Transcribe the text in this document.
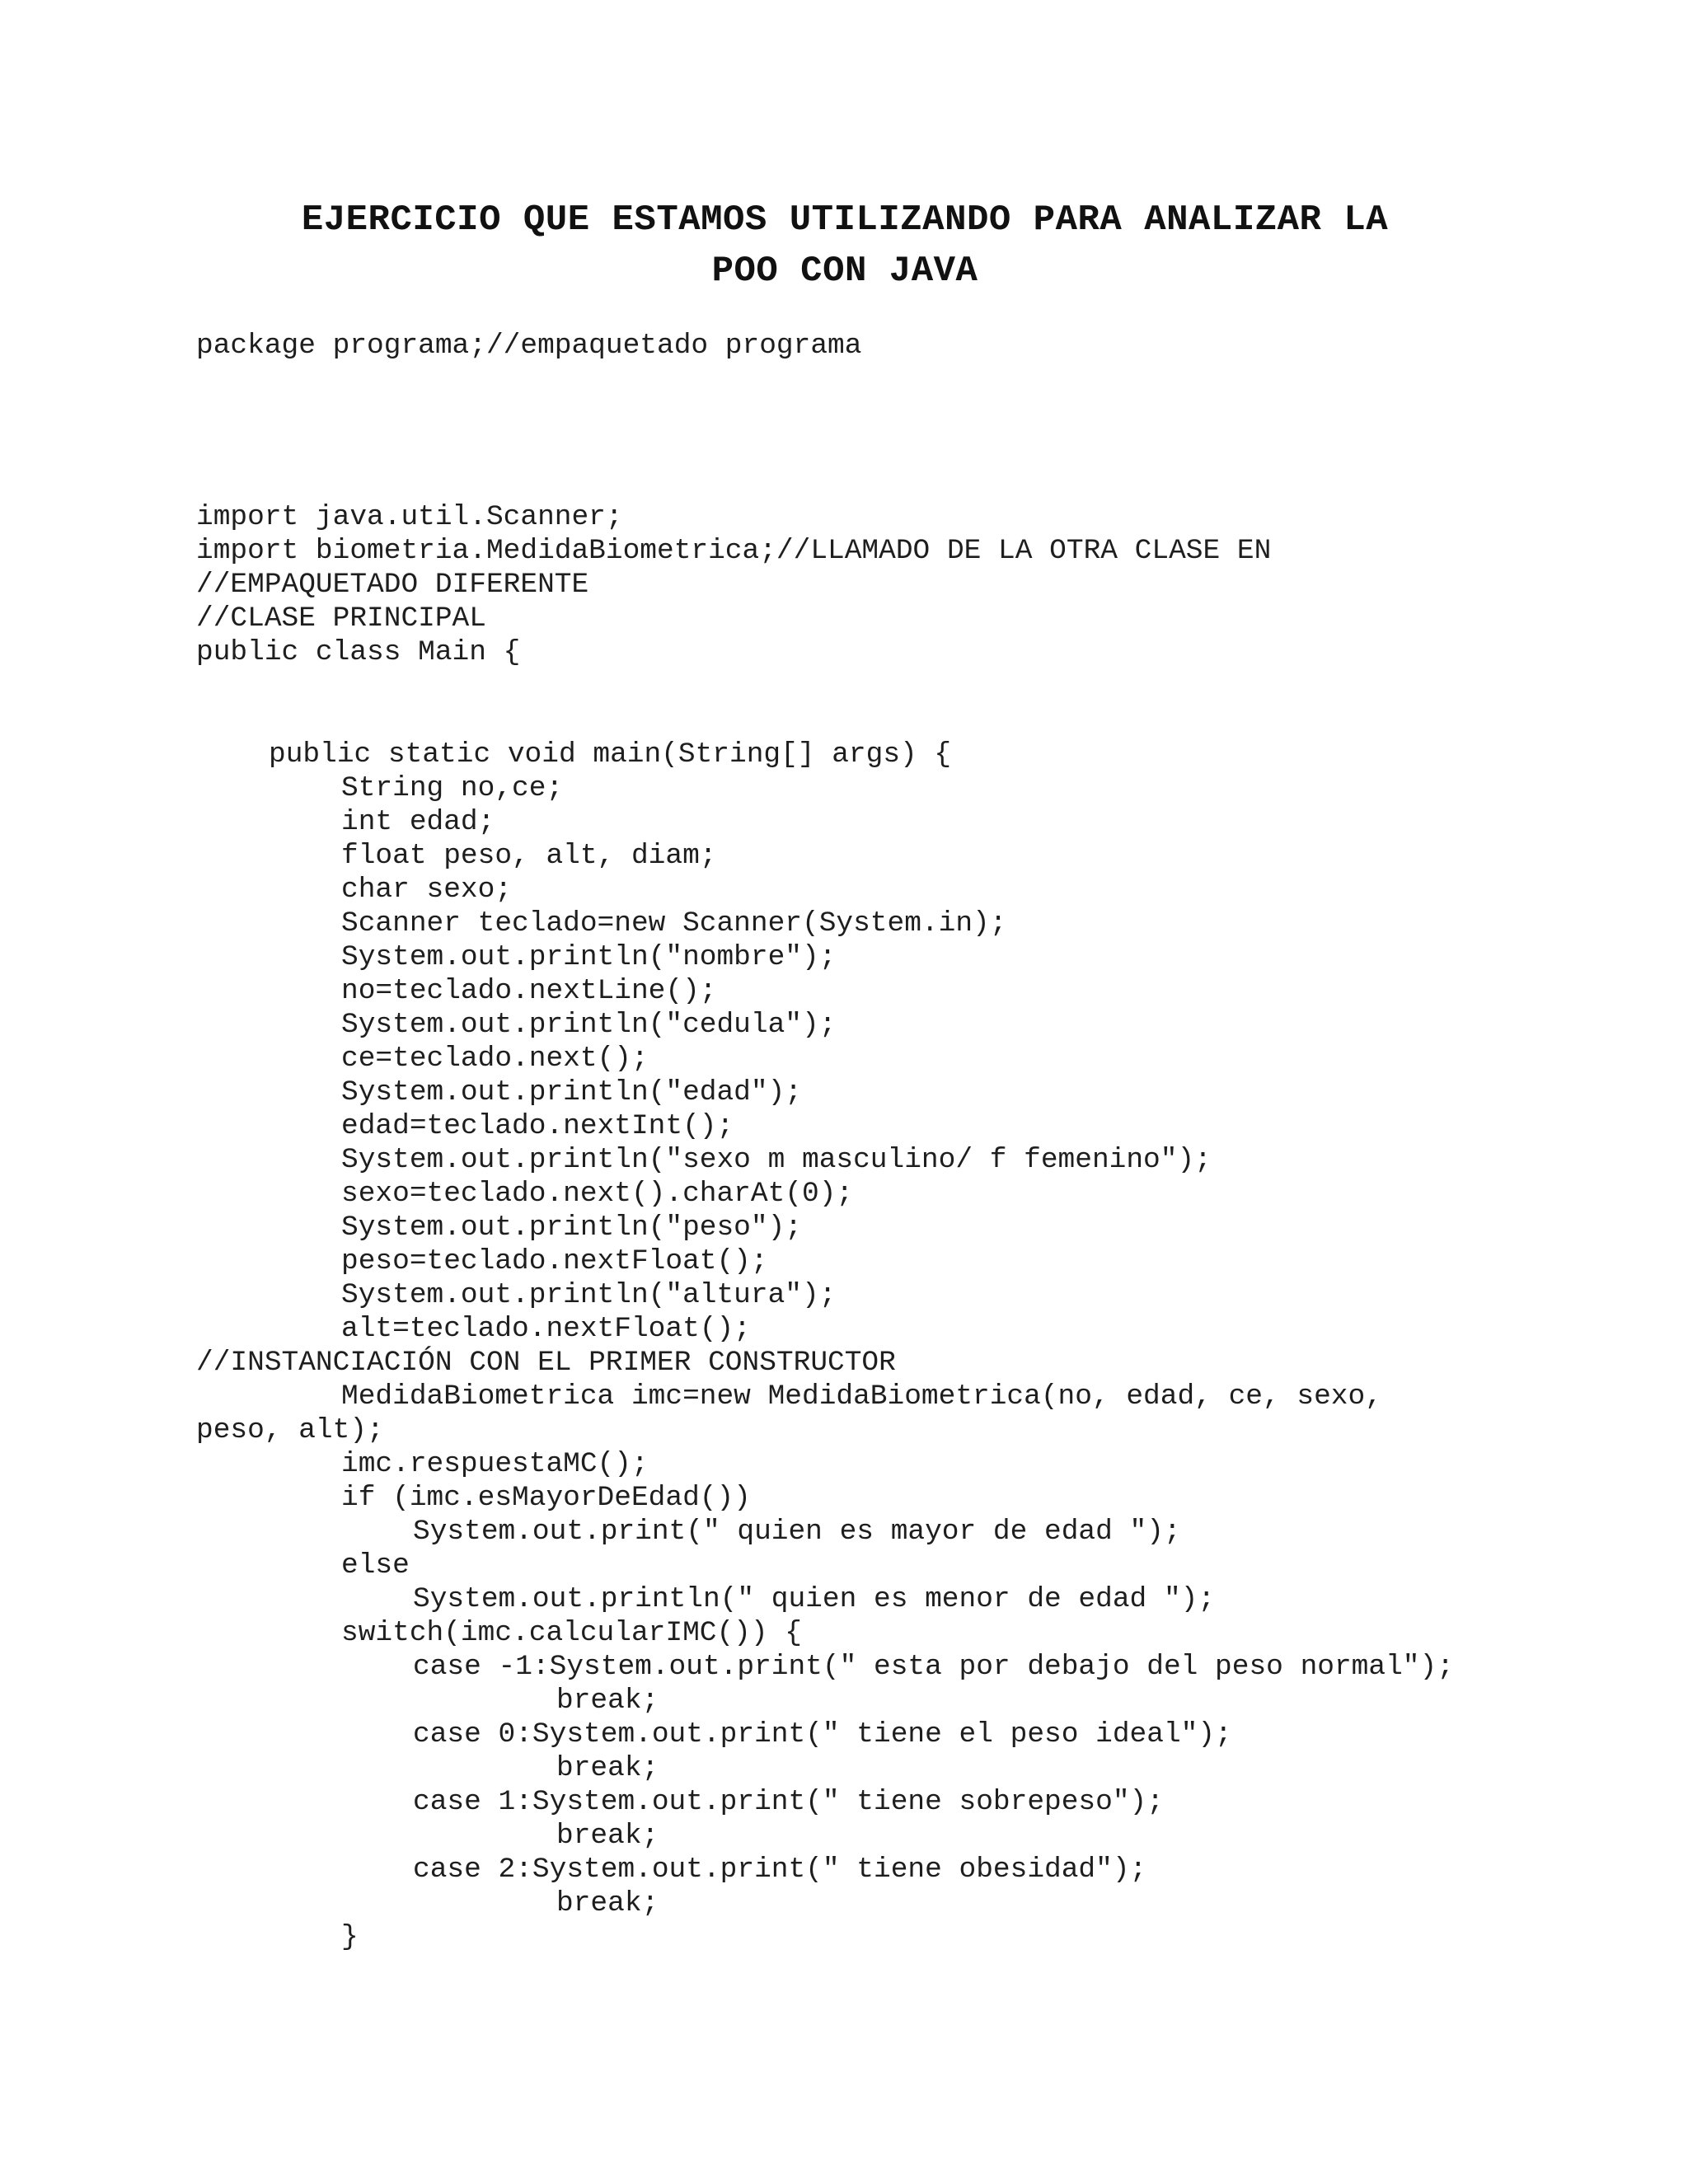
EJERCICIO QUE ESTAMOS UTILIZANDO PARA ANALIZAR LA
POO CON JAVA
package programa;//empaquetado programa
import java.util.Scanner;
import biometria.MedidaBiometrica;//LLAMADO DE LA OTRA CLASE EN
//EMPAQUETADO DIFERENTE
//CLASE PRINCIPAL
public class Main {
public static void main(String[] args) {
String no,ce;
int edad;
float peso, alt, diam;
char sexo;
Scanner teclado=new Scanner(System.in);
System.out.println("nombre");
no=teclado.nextLine();
System.out.println("cedula");
ce=teclado.next();
System.out.println("edad");
edad=teclado.nextInt();
System.out.println("sexo m masculino/ f femenino");
sexo=teclado.next().charAt(0);
System.out.println("peso");
peso=teclado.nextFloat();
System.out.println("altura");
alt=teclado.nextFloat();
//INSTANCIACIÓN CON EL PRIMER CONSTRUCTOR
MedidaBiometrica imc=new MedidaBiometrica(no, edad, ce, sexo,
peso, alt);
imc.respuestaMC();
if (imc.esMayorDeEdad())
System.out.print(" quien es mayor de edad ");
else
System.out.println(" quien es menor de edad ");
switch(imc.calcularIMC()) {
case -1:System.out.print(" esta por debajo del peso normal");
break;
case 0:System.out.print(" tiene el peso ideal");
break;
case 1:System.out.print(" tiene sobrepeso");
break;
case 2:System.out.print(" tiene obesidad");
break;
}
